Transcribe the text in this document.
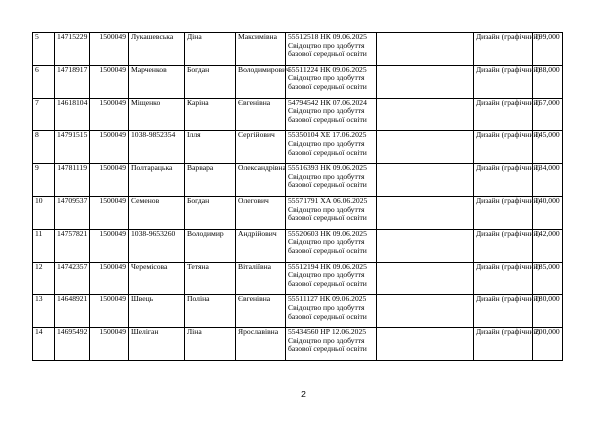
5	14715229	1500049	Лукашевська	Діна	Максимівна	55512518 НК 09.06.2025
Свідоцтво про здобуття
базової середньої освіти		Дизайн (графічний)	199,000
6	14718917	1500049	Марченков	Богдан	Володимирович	55511224 НК 09.06.2025
Свідоцтво про здобуття
базової середньої освіти		Дизайн (графічний)	188,000
7	14618104	1500049	Міщенко	Каріна	Євгенівна	54794542 НК 07.06.2024
Свідоцтво про здобуття
базової середньої освіти		Дизайн (графічний)	157,000
8	14791515	1500049	1038-9852354	Ілля	Сергійович	55350104 ХЕ 17.06.2025
Свідоцтво про здобуття
базової середньої освіти		Дизайн (графічний)	145,000
9	14781119	1500049	Полтарацька	Варвара	Олександрівна	55516393 НК 09.06.2025
Свідоцтво про здобуття
базової середньої освіти		Дизайн (графічний)	134,000
10	14709537	1500049	Семенов	Богдан	Олегович	55571791 ХА 06.06.2025
Свідоцтво про здобуття
базової середньої освіти		Дизайн (графічний)	140,000
11	14757821	1500049	1038-9653260	Володимир	Андрійович	55520603 НК 09.06.2025
Свідоцтво про здобуття
базової середньої освіти		Дизайн (графічний)	142,000
12	14742357	1500049	Черемісова	Тетяна	Віталіївна	55512194 НК 09.06.2025
Свідоцтво про здобуття
базової середньої освіти		Дизайн (графічний)	185,000
13	14648921	1500049	Швець	Поліна	Євгенівна	55511127 НК 09.06.2025
Свідоцтво про здобуття
базової середньої освіти		Дизайн (графічний)	180,000
14	14695492	1500049	Шеліган	Ліна	Ярославівна	55434560 НР 12.06.2025
Свідоцтво про здобуття
базової середньої освіти		Дизайн (графічний)	200,000
2
